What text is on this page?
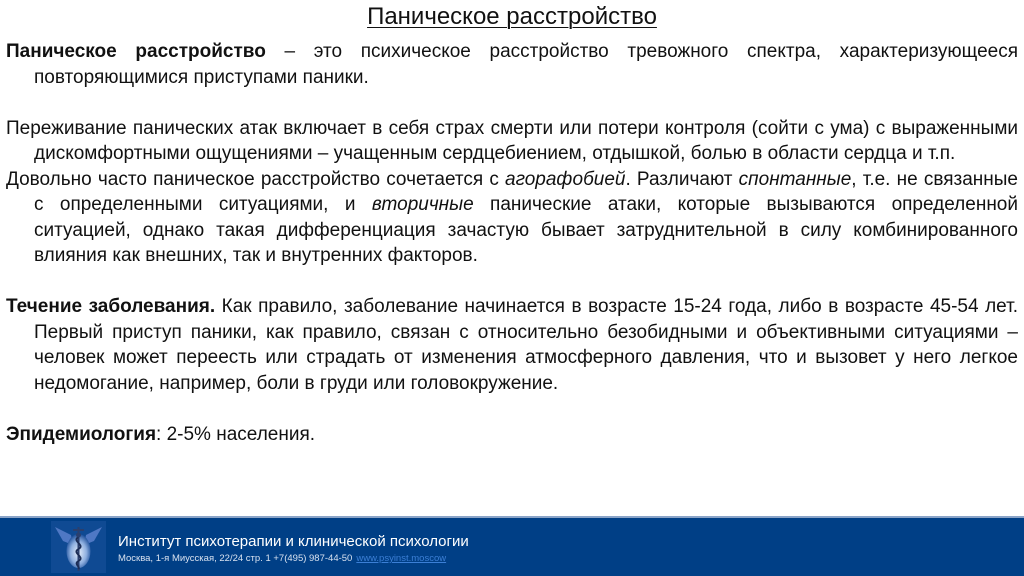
Паническое расстройство

Паническое расстройство – это психическое расстройство тревожного спектра, характеризующееся повторяющимися приступами паники.

Переживание панических атак включает в себя страх смерти или потери контроля (сойти с ума) с выраженными дискомфортными ощущениями – учащенным сердцебиением, отдышкой, болью в области сердца и т.п.

Довольно часто паническое расстройство сочетается с агорафобией. Различают спонтанные, т.е. не связанные с определенными ситуациями, и вторичные панические атаки, которые вызываются определенной ситуацией, однако такая дифференциация зачастую бывает затруднительной в силу комбинированного влияния как внешних, так и внутренних факторов.

Течение заболевания. Как правило, заболевание начинается в возрасте 15-24 года, либо в возрасте 45-54 лет. Первый приступ паники, как правило, связан с относительно безобидными и объективными ситуациями – человек может переесть или страдать от изменения атмосферного давления, что и вызовет у него легкое недомогание, например, боли в груди или головокружение.

Эпидемиология: 2-5% населения.

Институт психотерапии и клинической психологии
Москва, 1-я Миусская, 22/24 стр. 1 +7(495) 987-44-50 www.psyinst.moscow
